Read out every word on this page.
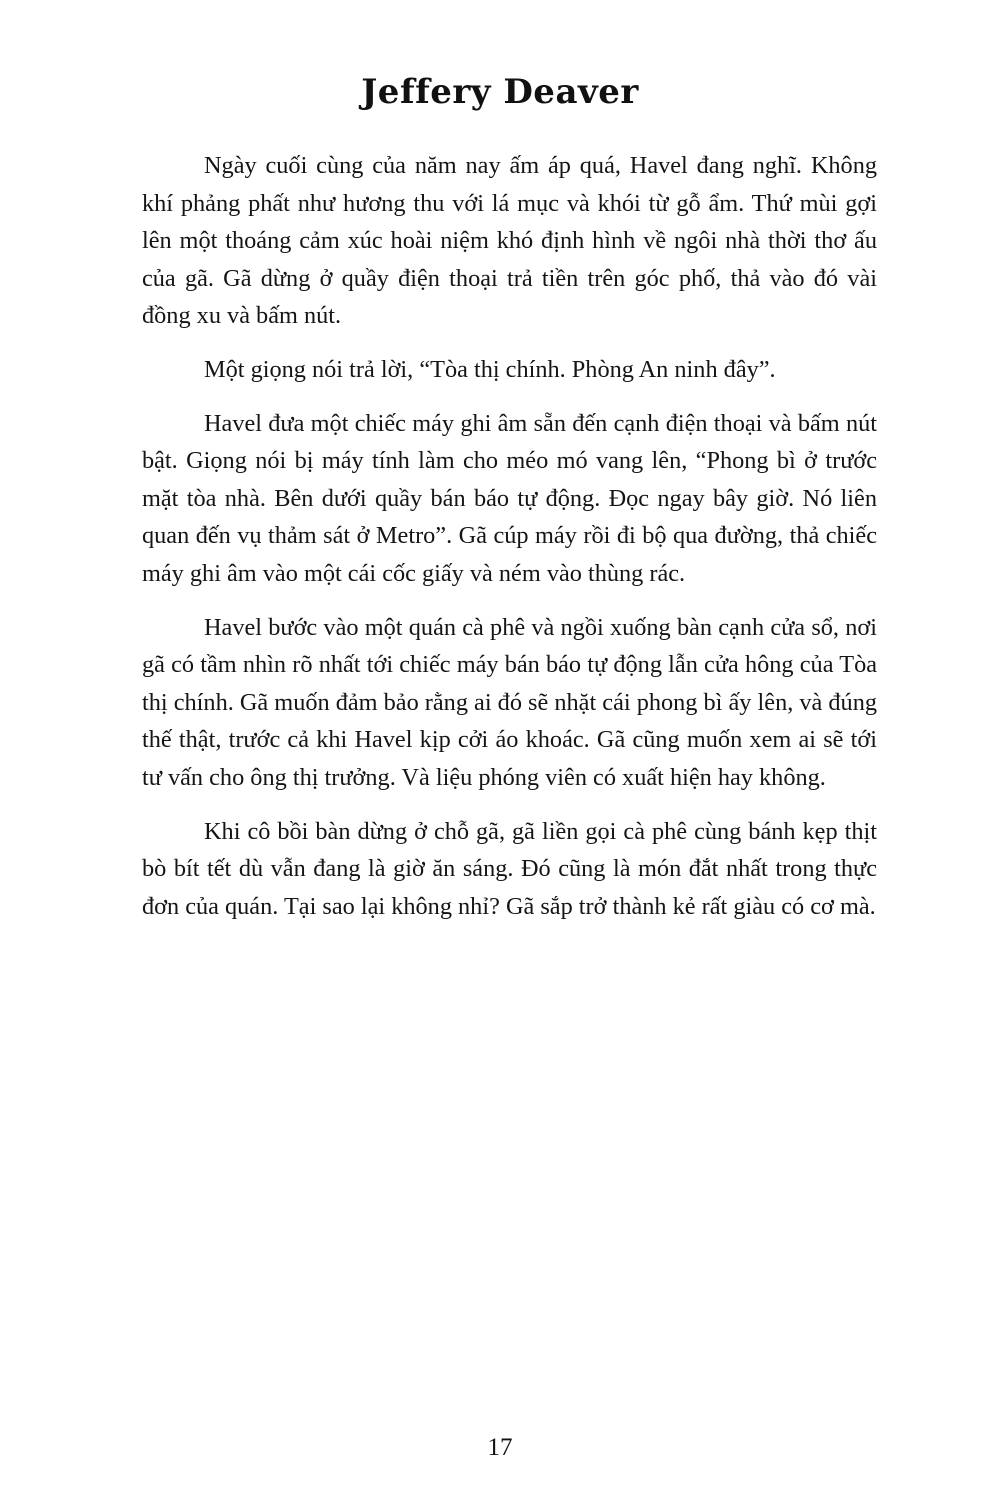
Jeffery Deaver

Ngày cuối cùng của năm nay ấm áp quá, Havel đang nghĩ. Không khí phảng phất như hương thu với lá mục và khói từ gỗ ẩm. Thứ mùi gợi lên một thoáng cảm xúc hoài niệm khó định hình về ngôi nhà thời thơ ấu của gã. Gã dừng ở quầy điện thoại trả tiền trên góc phố, thả vào đó vài đồng xu và bấm nút.

Một giọng nói trả lời, “Tòa thị chính. Phòng An ninh đây”.

Havel đưa một chiếc máy ghi âm sẵn đến cạnh điện thoại và bấm nút bật. Giọng nói bị máy tính làm cho méo mó vang lên, “Phong bì ở trước mặt tòa nhà. Bên dưới quầy bán báo tự động. Đọc ngay bây giờ. Nó liên quan đến vụ thảm sát ở Metro”. Gã cúp máy rồi đi bộ qua đường, thả chiếc máy ghi âm vào một cái cốc giấy và ném vào thùng rác.

Havel bước vào một quán cà phê và ngồi xuống bàn cạnh cửa sổ, nơi gã có tầm nhìn rõ nhất tới chiếc máy bán báo tự động lẫn cửa hông của Tòa thị chính. Gã muốn đảm bảo rằng ai đó sẽ nhặt cái phong bì ấy lên, và đúng thế thật, trước cả khi Havel kịp cởi áo khoác. Gã cũng muốn xem ai sẽ tới tư vấn cho ông thị trưởng. Và liệu phóng viên có xuất hiện hay không.

Khi cô bồi bàn dừng ở chỗ gã, gã liền gọi cà phê cùng bánh kẹp thịt bò bít tết dù vẫn đang là giờ ăn sáng. Đó cũng là món đắt nhất trong thực đơn của quán. Tại sao lại không nhỉ? Gã sắp trở thành kẻ rất giàu có cơ mà.

17
